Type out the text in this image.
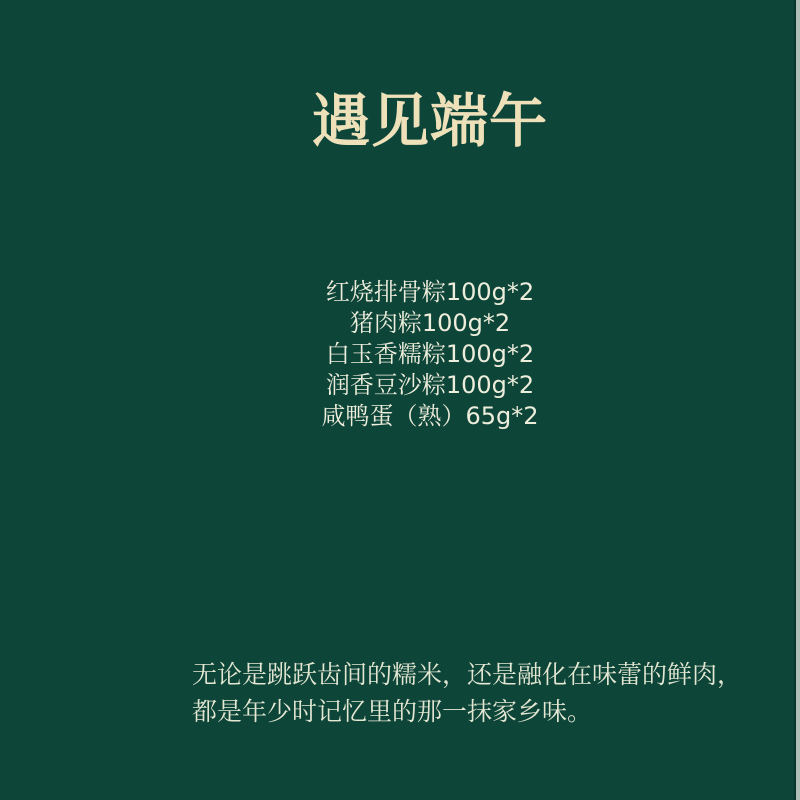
遇见端午
红烧排骨粽100g*2
猪肉粽100g*2
白玉香糯粽100g*2
润香豆沙粽100g*2
咸鸭蛋（熟）65g*2
无论是跳跃齿间的糯米，还是融化在味蕾的鲜肉，
都是年少时记忆里的那一抹家乡味。
